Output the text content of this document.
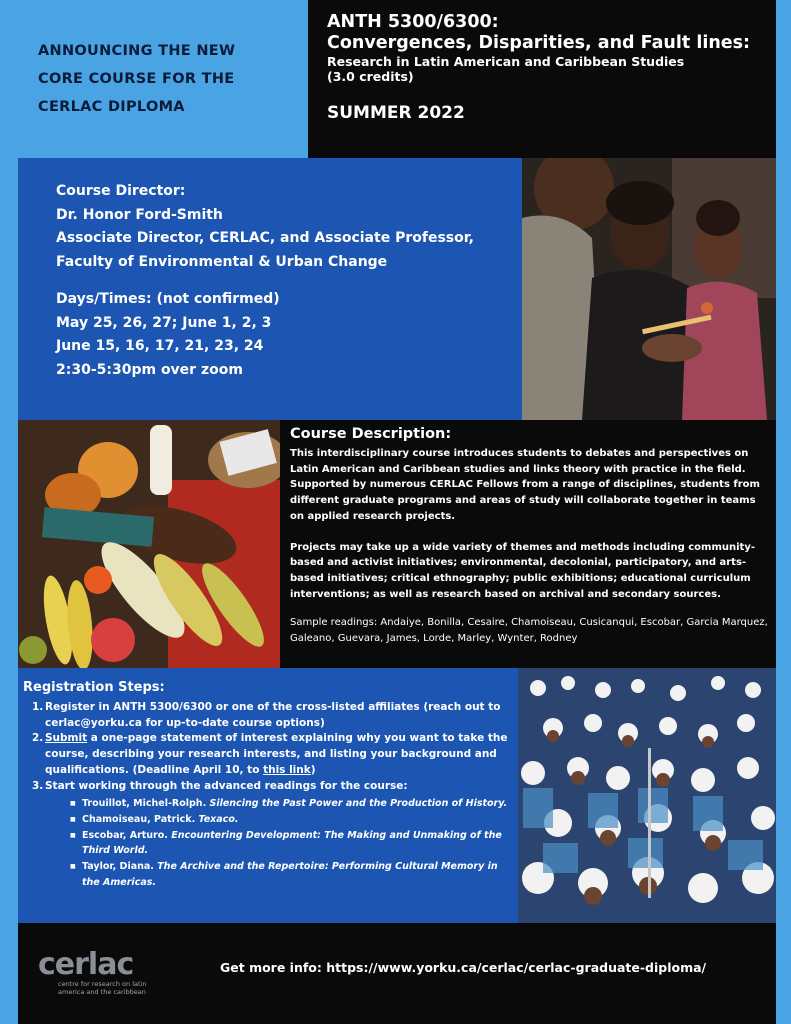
ANNOUNCING THE NEW
CORE COURSE FOR THE
CERLAC DIPLOMA
ANTH 5300/6300:
Convergences, Disparities, and Fault lines:
Research in Latin American and Caribbean Studies
(3.0 credits)
SUMMER 2022
Course Director:
Dr. Honor Ford-Smith
Associate Director, CERLAC, and Associate Professor,
Faculty of Environmental & Urban Change
Days/Times: (not confirmed)
May 25, 26, 27; June 1, 2, 3
June 15, 16, 17, 21, 23, 24
2:30-5:30pm over zoom
Course Description:

This interdisciplinary course introduces students to debates and perspectives on Latin American and Caribbean studies and links theory with practice in the field. Supported by numerous CERLAC Fellows from a range of disciplines, students from different graduate programs and areas of study will collaborate together in teams on applied research projects.

Projects may take up a wide variety of themes and methods including community-based and activist initiatives; environmental, decolonial, participatory, and arts-based initiatives; critical ethnography; public exhibitions; educational curriculum interventions; as well as research based on archival and secondary sources.

Sample readings: Andaiye, Bonilla, Cesaire, Chamoiseau, Cusicanqui, Escobar, Garcia Marquez, Galeano, Guevara, James, Lorde, Marley, Wynter, Rodney

Registration Steps:
1. Register in ANTH 5300/6300 or one of the cross-listed affiliates (reach out to cerlac@yorku.ca for up-to-date course options)
2. Submit a one-page statement of interest explaining why you want to take the course, describing your research interests, and listing your background and qualifications. (Deadline April 10, to this link)
3. Start working through the advanced readings for the course:
■ Trouillot, Michel-Rolph. Silencing the Past Power and the Production of History.
■ Chamoiseau, Patrick. Texaco.
■ Escobar, Arturo. Encountering Development: The Making and Unmaking of the Third World.
■ Taylor, Diana. The Archive and the Repertoire: Performing Cultural Memory in the Americas.
cerlac
centre for research on latin america and the caribbean
Get more info: https://www.yorku.ca/cerlac/cerlac-graduate-diploma/
